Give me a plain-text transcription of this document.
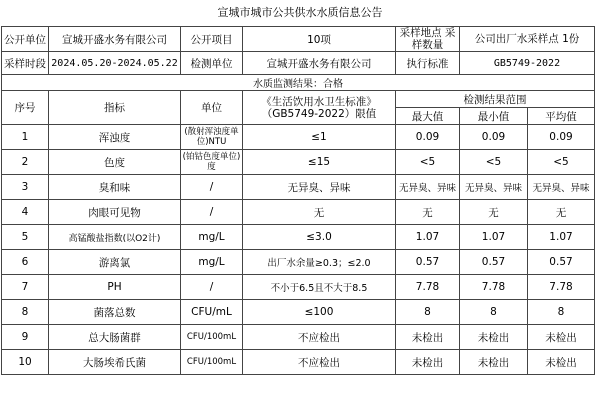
宣城市城市公共供水水质信息公告
公开单位	宣城开盛水务有限公司	公开项目	10项	采样地点 采样数量	公司出厂水采样点 1份	
采样时段	2024.05.20-2024.05.22	检测单位	宣城开盛水务有限公司	执行标准	GB5749-2022	
水质监测结果：合格						
序号	指标	单位	《生活饮用水卫生标准》（GB5749-2022）限值	检测结果范围		
				最大值	最小值	平均值
1	浑浊度	(散射浑浊度单位)NTU	≤1	0.09	0.09	0.09
2	色度	(铂钴色度单位)度	≤15	<5	<5	<5
3	臭和味	/	无异臭、异味	无异臭、异味	无异臭、异味	无异臭、异味
4	肉眼可见物	/	无	无	无	无
5	高锰酸盐指数(以O2计)	mg/L	≤3.0	1.07	1.07	1.07
6	游离氯	mg/L	出厂水余量≥0.3；≤2.0	0.57	0.57	0.57
7	PH	/	不小于6.5且不大于8.5	7.78	7.78	7.78
8	菌落总数	CFU/mL	≤100	8	8	8
9	总大肠菌群	CFU/100mL	不应检出	未检出	未检出	未检出
10	大肠埃希氏菌	CFU/100mL	不应检出	未检出	未检出	未检出
